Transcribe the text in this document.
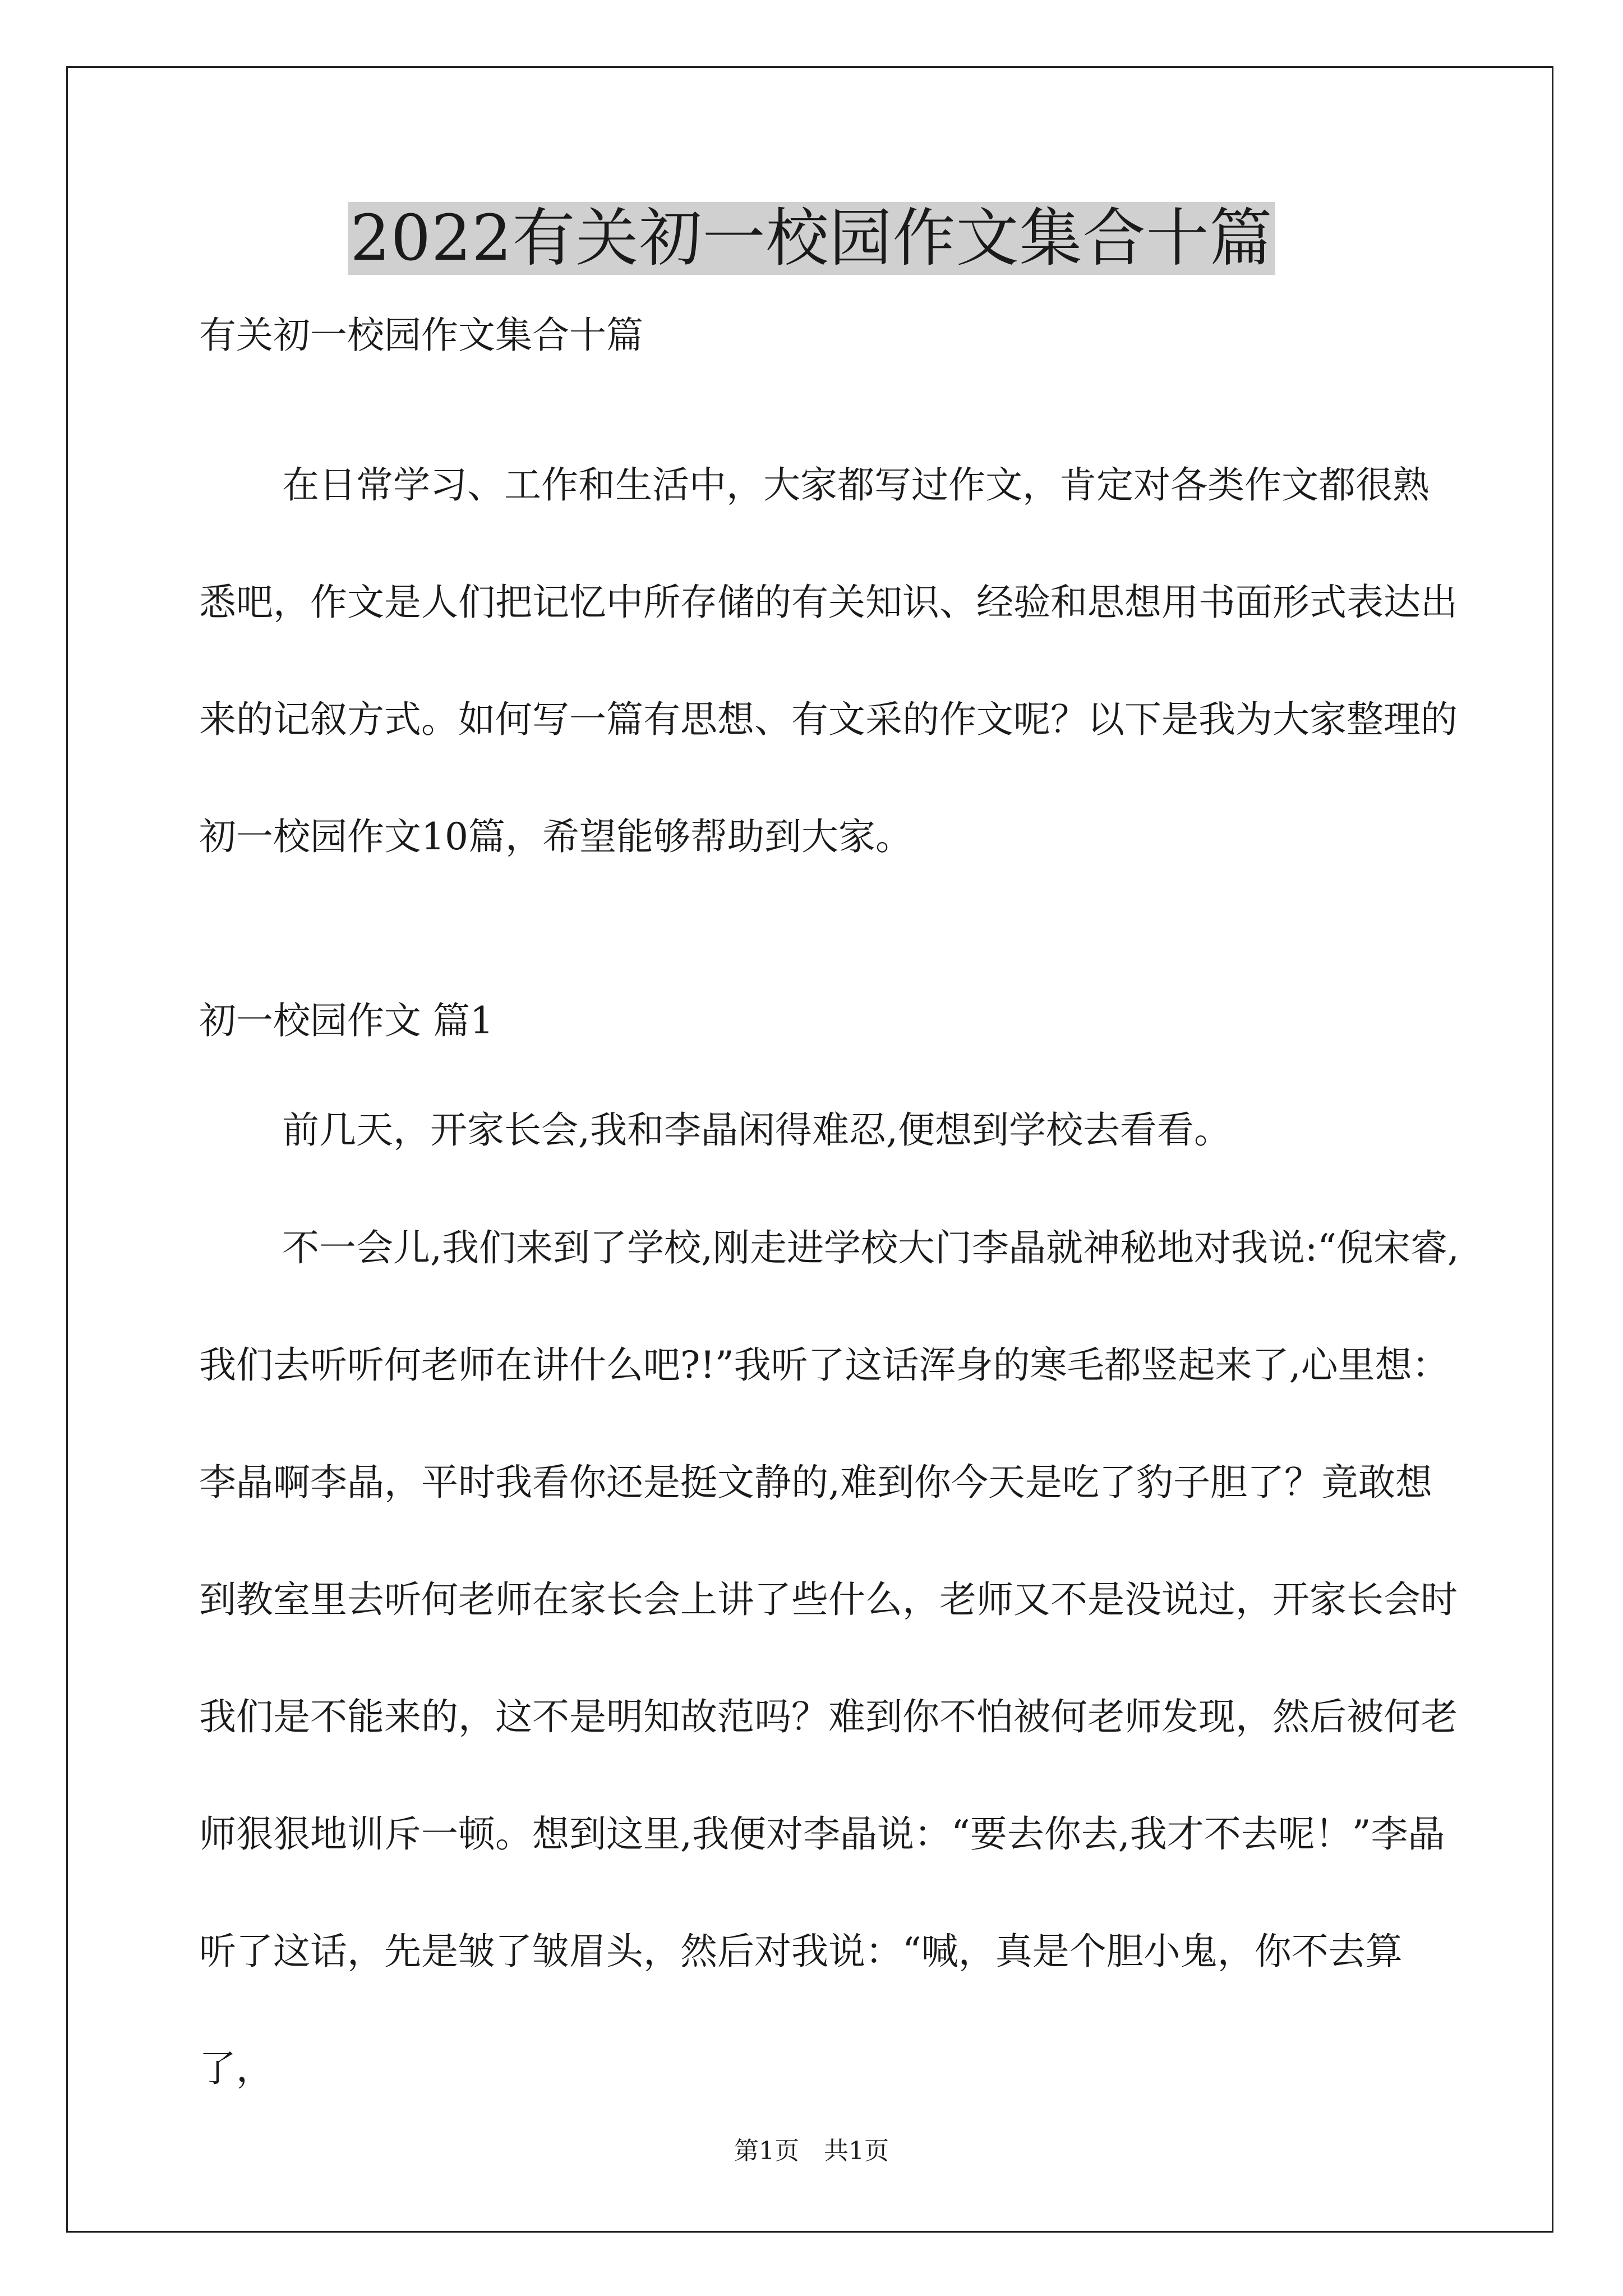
2022有关初一校园作文集合十篇
有关初一校园作文集合十篇

在日常学习、工作和生活中，大家都写过作文，肯定对各类作文都很熟悉吧，作文是人们把记忆中所存储的有关知识、经验和思想用书面形式表达出来的记叙方式。如何写一篇有思想、有文采的作文呢？以下是我为大家整理的初一校园作文10篇，希望能够帮助到大家。

初一校园作文 篇1

前几天，开家长会,我和李晶闲得难忍,便想到学校去看看。

不一会儿,我们来到了学校,刚走进学校大门李晶就神秘地对我说:“倪宋睿,我们去听听何老师在讲什么吧?!”我听了这话浑身的寒毛都竖起来了,心里想：李晶啊李晶，平时我看你还是挺文静的,难到你今天是吃了豹子胆了？竟敢想到教室里去听何老师在家长会上讲了些什么，老师又不是没说过，开家长会时我们是不能来的，这不是明知故范吗？难到你不怕被何老师发现，然后被何老师狠狠地训斥一顿。想到这里,我便对李晶说：“要去你去,我才不去呢！”李晶听了这话，先是皱了皱眉头，然后对我说：“喊，真是个胆小鬼，你不去算了，

第1页　共1页
